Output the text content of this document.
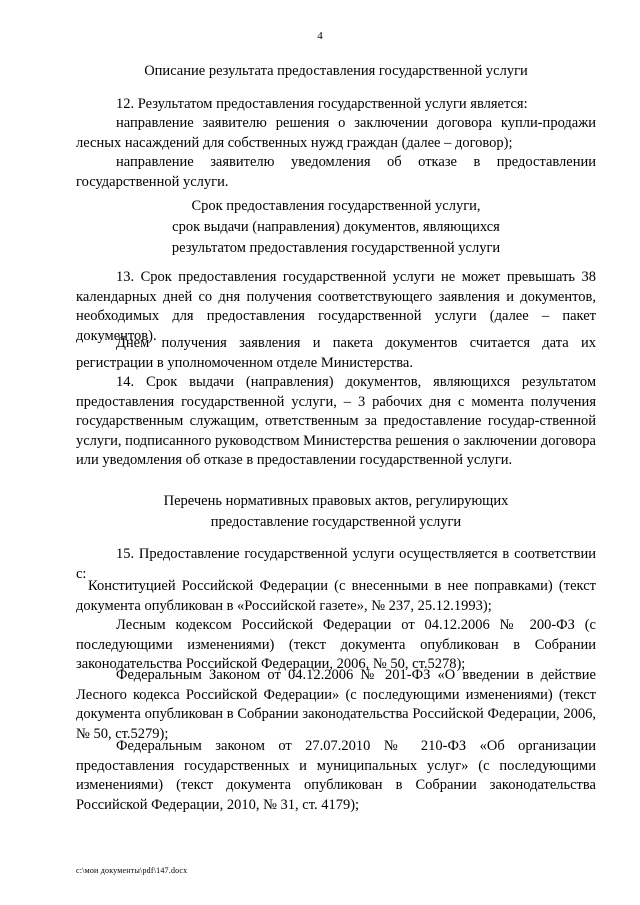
4
Описание результата предоставления государственной услуги

12. Результатом предоставления государственной услуги является:

направление заявителю решения о заключении договора купли-продажи лесных насаждений для собственных нужд граждан (далее – договор);

направление заявителю уведомления об отказе в предоставлении государственной услуги.

Срок предоставления государственной услуги,
срок выдачи (направления) документов, являющихся
результатом предоставления государственной услуги

13. Срок предоставления государственной услуги не может превышать 38 календарных дней со дня получения соответствующего заявления и документов, необходимых для предоставления государственной услуги (далее – пакет документов).

Днем получения заявления и пакета документов считается дата их регистрации в уполномоченном отделе Министерства.

14. Срок выдачи (направления) документов, являющихся результатом предоставления государственной услуги, – 3 рабочих дня с момента получения государственным служащим, ответственным за предоставление государ-ственной услуги, подписанного руководством Министерства решения о заключении договора или уведомления об отказе в предоставлении государственной услуги.

Перечень нормативных правовых актов, регулирующих
предоставление государственной услуги

15. Предоставление государственной услуги осуществляется в соответствии с:

Конституцией Российской Федерации (с внесенными в нее поправками) (текст документа опубликован в «Российской газете», № 237, 25.12.1993);

Лесным кодексом Российской Федерации от 04.12.2006 № 200-ФЗ (с последующими изменениями) (текст документа опубликован в Собрании законодательства Российской Федерации, 2006, № 50, ст.5278);

Федеральным Законом от 04.12.2006 № 201-ФЗ «О введении в действие Лесного кодекса Российской Федерации» (с последующими изменениями) (текст документа опубликован в Собрании законодательства Российской Федерации, 2006, № 50, ст.5279);

Федеральным законом от 27.07.2010 № 210-ФЗ «Об организации предоставления государственных и муниципальных услуг» (с последующими изменениями) (текст документа опубликован в Собрании законодательства Российской Федерации, 2010, № 31, ст. 4179);

c:\мои документы\pdf\147.docx
